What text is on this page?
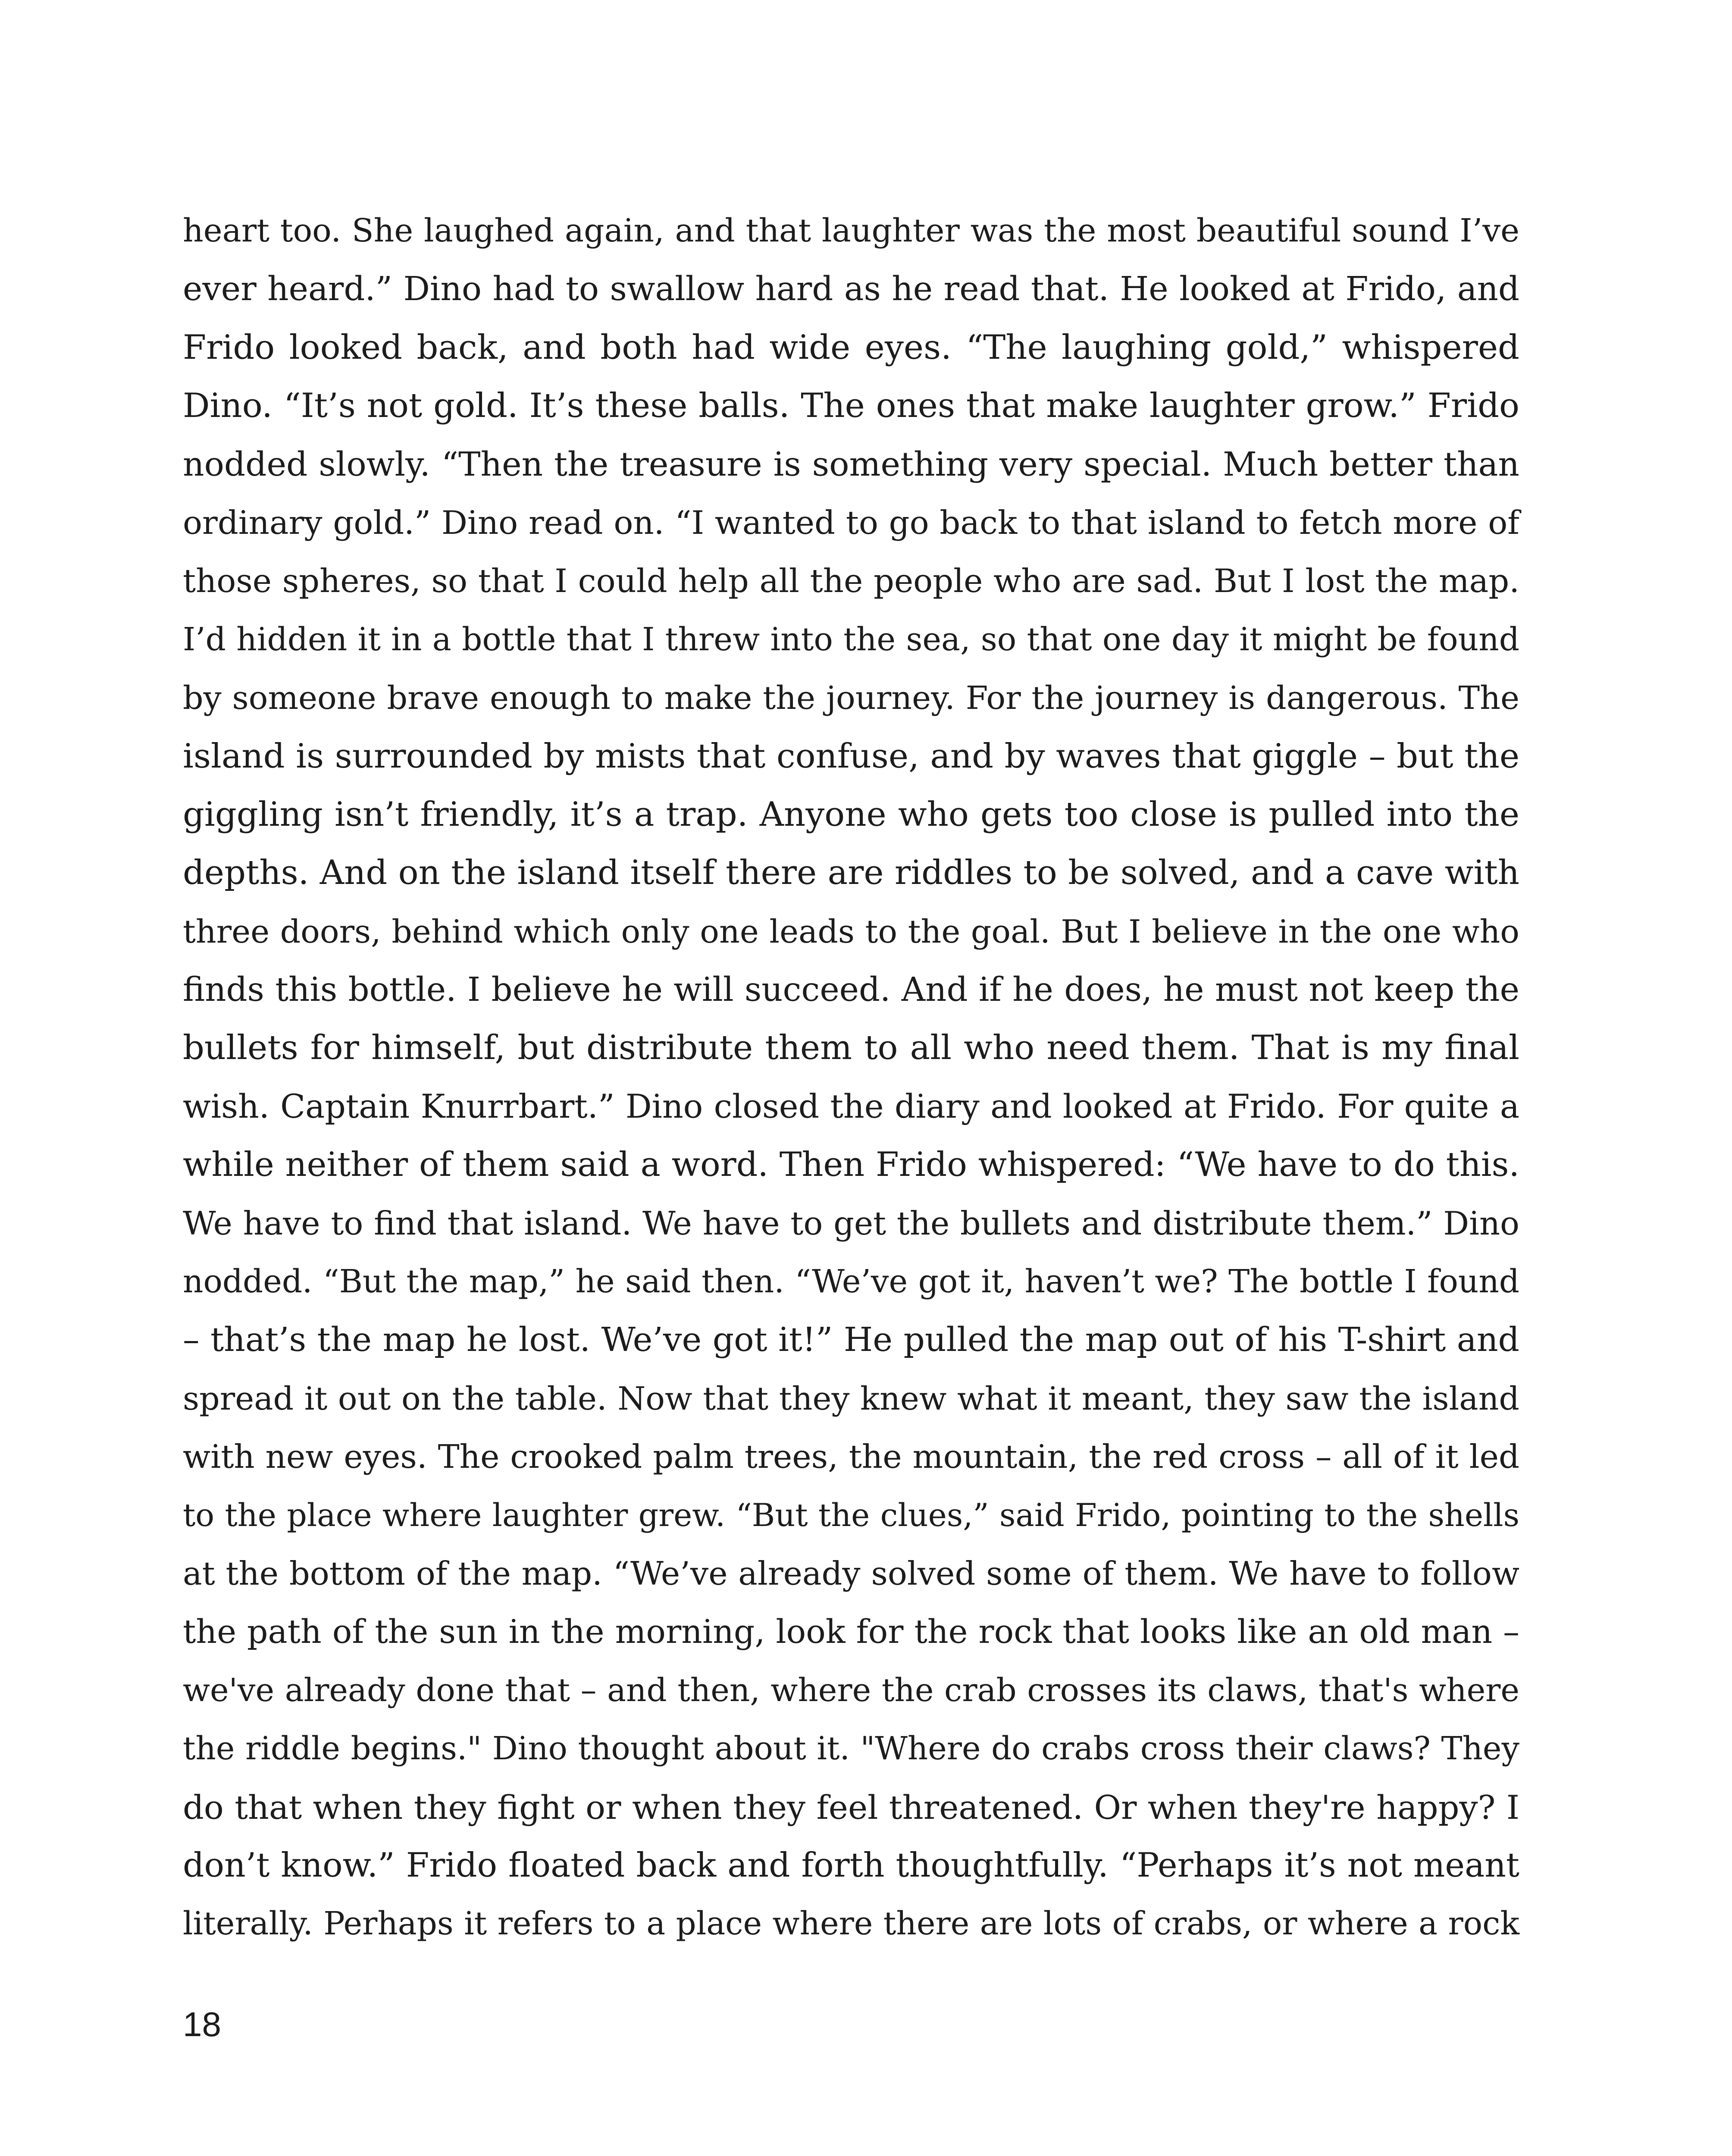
heart too. She laughed again, and that laughter was the most beautiful sound I’ve
ever heard.” Dino had to swallow hard as he read that. He looked at Frido, and
Frido looked back, and both had wide eyes. “The laughing gold,” whispered
Dino. “It’s not gold. It’s these balls. The ones that make laughter grow.” Frido
nodded slowly. “Then the treasure is something very special. Much better than
ordinary gold.” Dino read on. “I wanted to go back to that island to fetch more of
those spheres, so that I could help all the people who are sad. But I lost the map.
I’d hidden it in a bottle that I threw into the sea, so that one day it might be found
by someone brave enough to make the journey. For the journey is dangerous. The
island is surrounded by mists that confuse, and by waves that giggle – but the
giggling isn’t friendly, it’s a trap. Anyone who gets too close is pulled into the
depths. And on the island itself there are riddles to be solved, and a cave with
three doors, behind which only one leads to the goal. But I believe in the one who
finds this bottle. I believe he will succeed. And if he does, he must not keep the
bullets for himself, but distribute them to all who need them. That is my final
wish. Captain Knurrbart.” Dino closed the diary and looked at Frido. For quite a
while neither of them said a word. Then Frido whispered: “We have to do this.
We have to find that island. We have to get the bullets and distribute them.” Dino
nodded. “But the map,” he said then. “We’ve got it, haven’t we? The bottle I found
– that’s the map he lost. We’ve got it!” He pulled the map out of his T-shirt and
spread it out on the table. Now that they knew what it meant, they saw the island
with new eyes. The crooked palm trees, the mountain, the red cross – all of it led
to the place where laughter grew. “But the clues,” said Frido, pointing to the shells
at the bottom of the map. “We’ve already solved some of them. We have to follow
the path of the sun in the morning, look for the rock that looks like an old man –
we've already done that – and then, where the crab crosses its claws, that's where
the riddle begins." Dino thought about it. "Where do crabs cross their claws? They
do that when they fight or when they feel threatened. Or when they're happy? I
don’t know.” Frido floated back and forth thoughtfully. “Perhaps it’s not meant
literally. Perhaps it refers to a place where there are lots of crabs, or where a rock
18
